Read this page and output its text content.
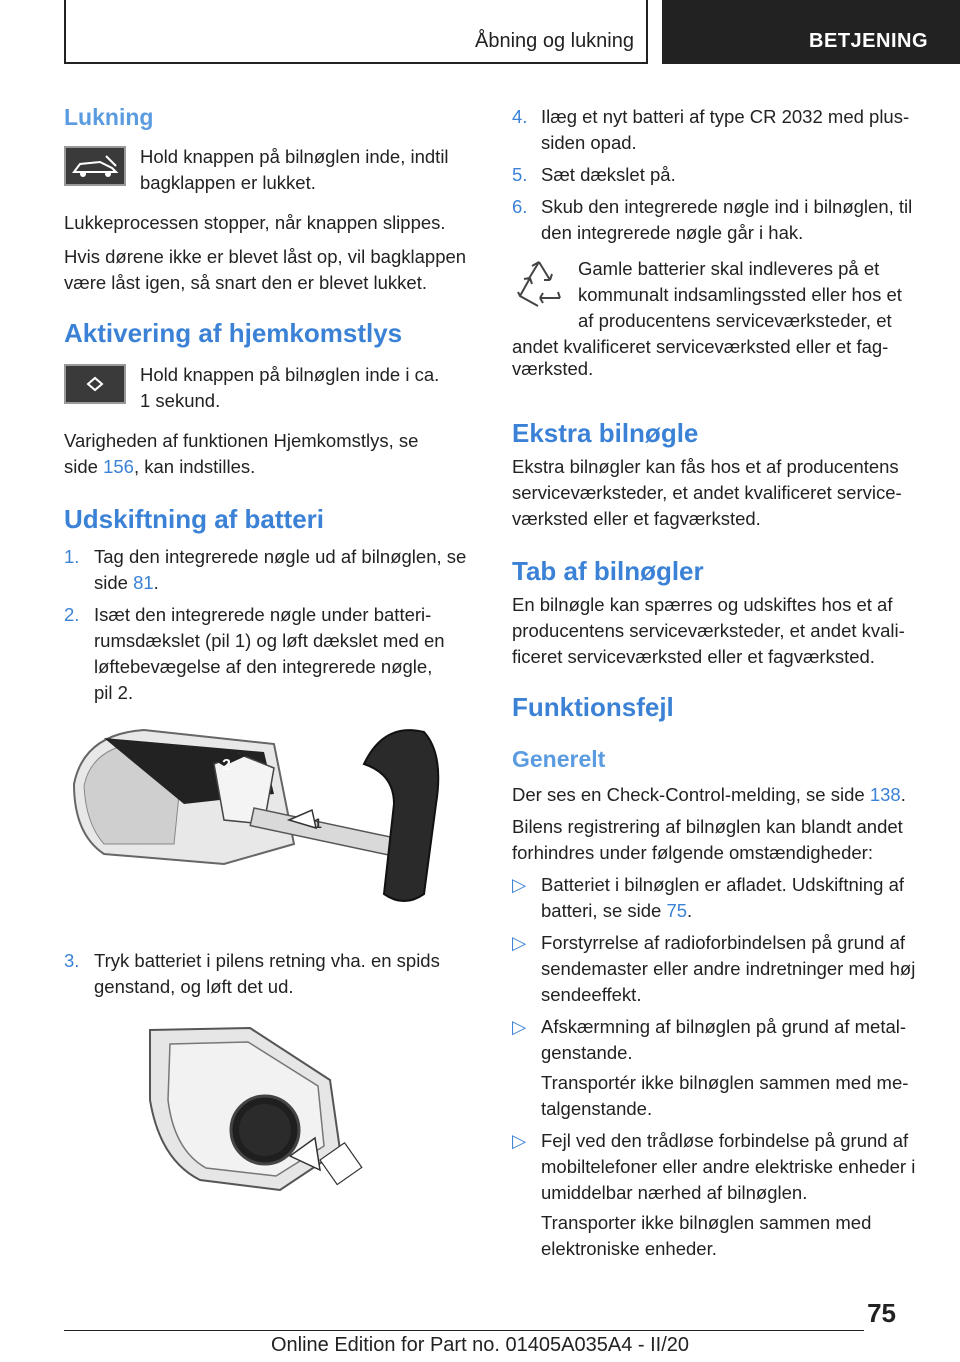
Åbning og lukning	BETJENING
Lukning
Hold knappen på bilnøglen inde, indtil
bagklappen er lukket.
Lukkeprocessen stopper, når knappen slippes.
Hvis dørene ikke er blevet låst op, vil bagklappen
være låst igen, så snart den er blevet lukket.
Aktivering af hjemkomstlys
Hold knappen på bilnøglen inde i ca.
1 sekund.
Varigheden af funktionen Hjemkomstlys, se
side 156, kan indstilles.
Udskiftning af batteri
1. Tag den integrerede nøgle ud af bilnøglen, se
side 81.
2. Isæt den integrerede nøgle under batteri-
rumsdækslet (pil 1) og løft dækslet med en
løftebevægelse af den integrerede nøgle,
pil 2.
2
1
3. Tryk batteriet i pilens retning vha. en spids
genstand, og løft det ud.
4. Ilæg et nyt batteri af type CR 2032 med plus-
siden opad.
5. Sæt dækslet på.
6. Skub den integrerede nøgle ind i bilnøglen, til
den integrerede nøgle går i hak.
Gamle batterier skal indleveres på et
kommunalt indsamlingssted eller hos et
af producentens serviceværksteder, et
andet kvalificeret serviceværksted eller et fag-
værksted.
Ekstra bilnøgle
Ekstra bilnøgler kan fås hos et af producentens
serviceværksteder, et andet kvalificeret service-
værksted eller et fagværksted.
Tab af bilnøgler
En bilnøgle kan spærres og udskiftes hos et af
producentens serviceværksteder, et andet kvali-
ficeret serviceværksted eller et fagværksted.
Funktionsfejl
Generelt
Der ses en Check-Control-melding, se side 138.
Bilens registrering af bilnøglen kan blandt andet
forhindres under følgende omstændigheder:
▷ Batteriet i bilnøglen er afladet. Udskiftning af
batteri, se side 75.
▷ Forstyrrelse af radioforbindelsen på grund af
sendemaster eller andre indretninger med høj
sendeeffekt.
▷ Afskærmning af bilnøglen på grund af metal-
genstande.
Transportér ikke bilnøglen sammen med me-
talgenstande.
▷ Fejl ved den trådløse forbindelse på grund af
mobiltelefoner eller andre elektriske enheder i
umiddelbar nærhed af bilnøglen.
Transporter ikke bilnøglen sammen med
elektroniske enheder.
75
Online Edition for Part no. 01405A035A4 - II/20
